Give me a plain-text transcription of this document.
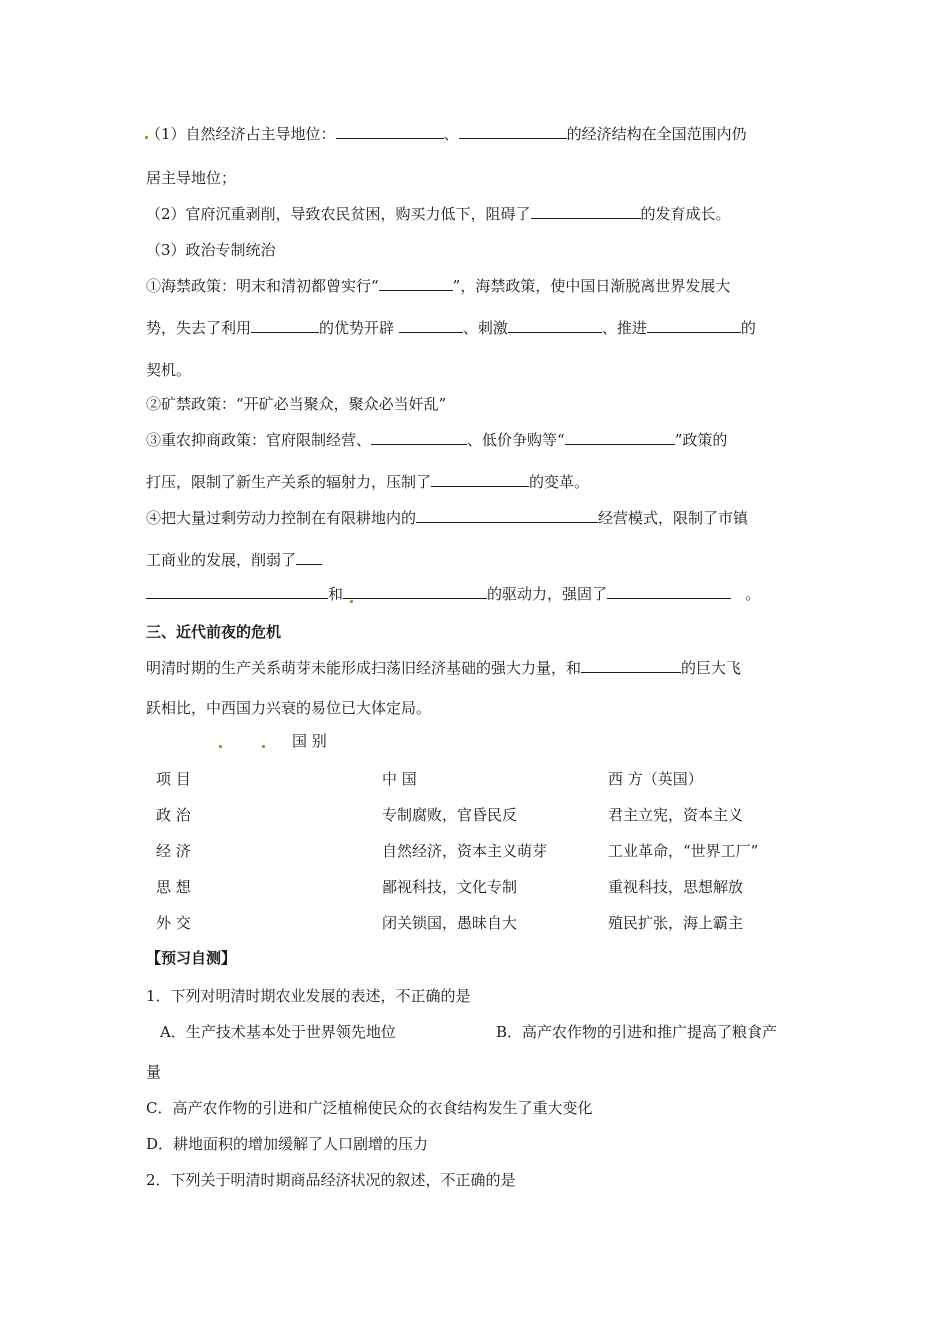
（1）自然经济占主导地位：	、	的经济结构在全国范围内仍
居主导地位；
（2）官府沉重剥削，导致农民贫困，购买力低下，阻碍了	的发育成长。
（3）政治专制统治
①海禁政策：明末和清初都曾实行“	”，海禁政策，使中国日渐脱离世界发展大
势，失去了利用	的优势开辟	、刺激	、推进	的
契机。
②矿禁政策：“开矿必当聚众，聚众必当奸乱”
③重农抑商政策：官府限制经营、	、低价争购等“	”政策的
打压，限制了新生产关系的辐射力，压制了	的变革。
④把大量过剩劳动力控制在有限耕地内的	经营模式，限制了市镇
工商业的发展，削弱了
和	的驱动力，强固了	。
三、近代前夜的危机
明清时期的生产关系萌芽未能形成扫荡旧经济基础的强大力量，和	的巨大飞
跃相比，中西国力兴衰的易位已大体定局。
国 别
项 目	中 国	西 方（英国）
政 治	专制腐败，官昏民反	君主立宪，资本主义
经 济	自然经济，资本主义萌芽	工业革命，“世界工厂”
思 想	鄙视科技，文化专制	重视科技，思想解放
外 交	闭关锁国，愚昧自大	殖民扩张，海上霸主
【预习自测】
1．下列对明清时期农业发展的表述，不正确的是
A．生产技术基本处于世界领先地位	B．高产农作物的引进和推广提高了粮食产
量
C．高产农作物的引进和广泛植棉使民众的衣食结构发生了重大变化
D．耕地面积的增加缓解了人口剧增的压力
2．下列关于明清时期商品经济状况的叙述，不正确的是
